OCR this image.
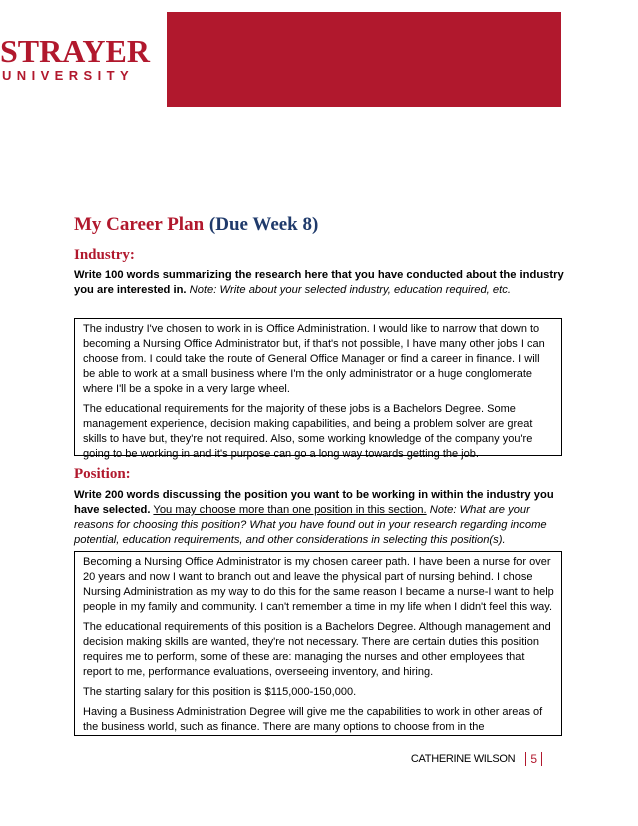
STRAYER
UNIVERSITY
My Career Plan (Due Week 8)
Industry:

Write 100 words summarizing the research here that you have conducted about the industry you are interested in. Note: Write about your selected industry, education required, etc.

The industry I've chosen to work in is Office Administration. I would like to narrow that down to becoming a Nursing Office Administrator but, if that's not possible, I have many other jobs I can choose from. I could take the route of General Office Manager or find a career in finance. I will be able to work at a small business where I'm the only administrator or a huge conglomerate where I'll be a spoke in a very large wheel.

The educational requirements for the majority of these jobs is a Bachelors Degree. Some management experience, decision making capabilities, and being a problem solver are great skills to have but, they're not required. Also, some working knowledge of the company you're going to be working in and it's purpose can go a long way towards getting the job.

Position:

Write 200 words discussing the position you want to be working in within the industry you have selected. You may choose more than one position in this section. Note: What are your reasons for choosing this position? What you have found out in your research regarding income potential, education requirements, and other considerations in selecting this position(s).

Becoming a Nursing Office Administrator is my chosen career path. I have been a nurse for over 20 years and now I want to branch out and leave the physical part of nursing behind. I chose Nursing Administration as my way to do this for the same reason I became a nurse-I want to help people in my family and community. I can't remember a time in my life when I didn't feel this way.

The educational requirements of this position is a Bachelors Degree. Although management and decision making skills are wanted, they're not necessary. There are certain duties this position requires me to perform, some of these are: managing the nurses and other employees that report to me, performance evaluations, overseeing inventory, and hiring.

The starting salary for this position is $115,000-150,000.

Having a Business Administration Degree will give me the capabilities to work in other areas of the business world, such as finance. There are many options to choose from in the

CATHERINE WILSON	5
